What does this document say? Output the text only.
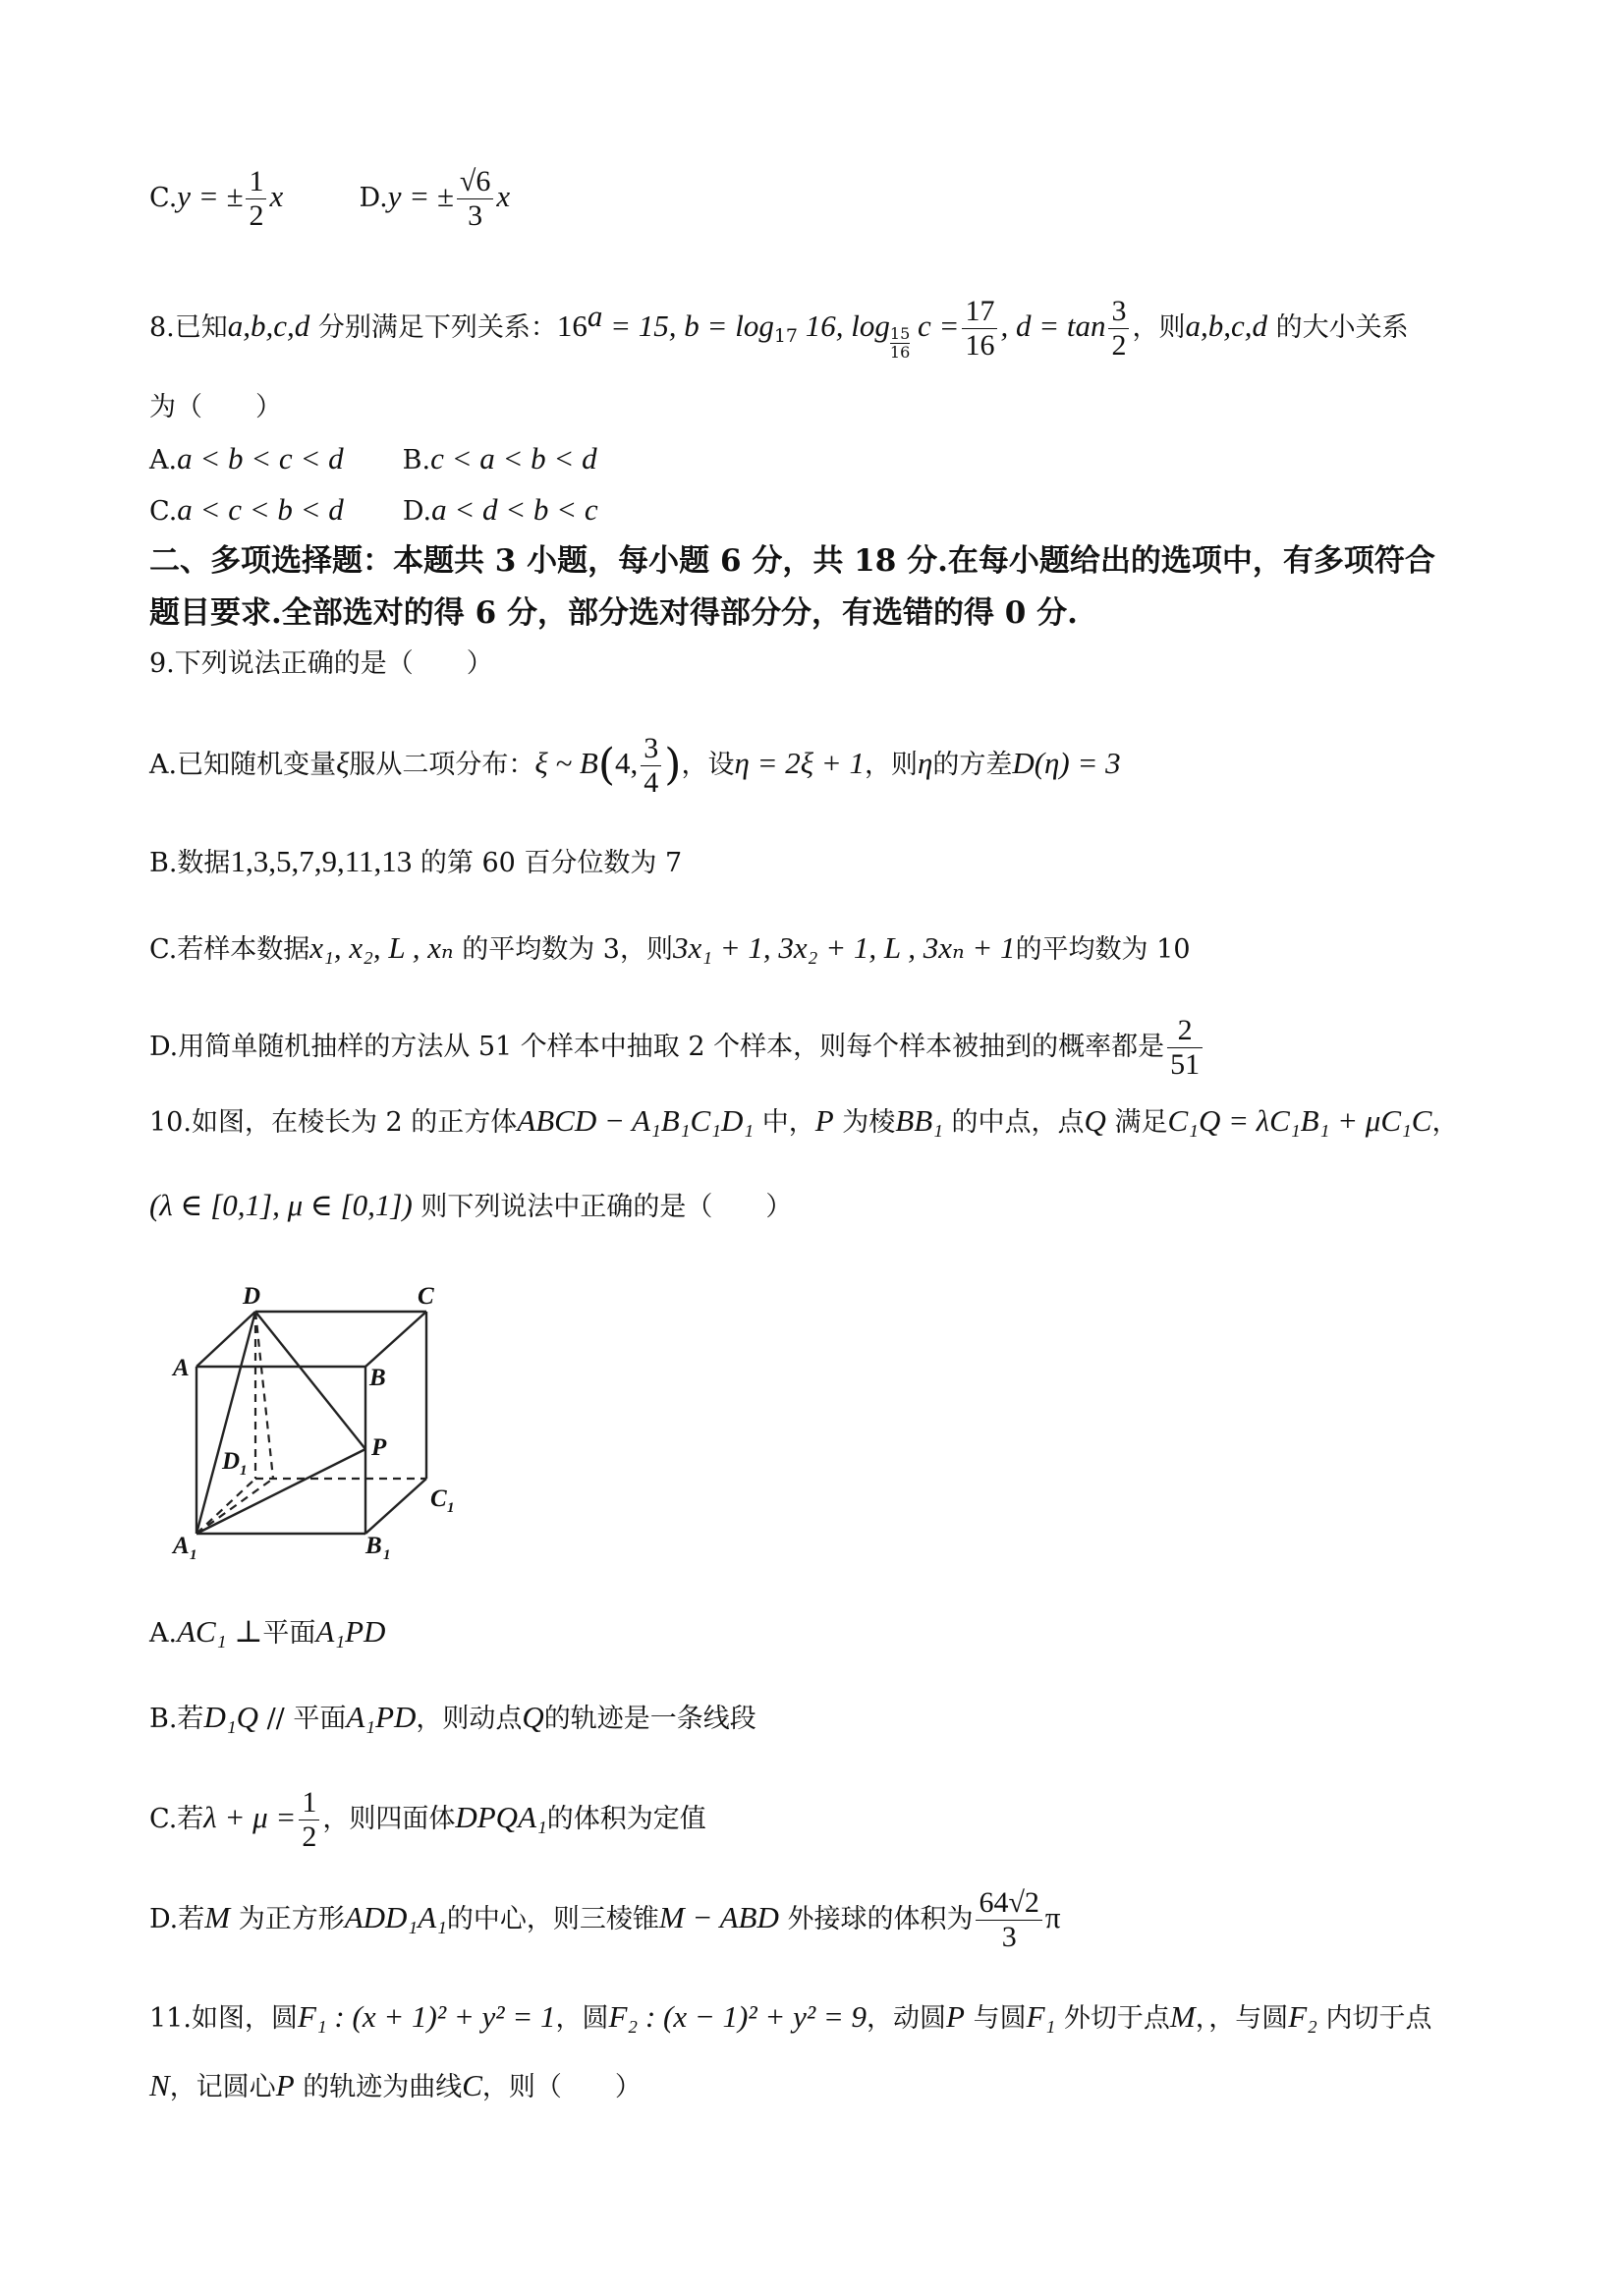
C.y = ± $\frac{1}{2}$ x	D.y = ± $\frac{√6}{3}$ x
8.已知a,b,c,d 分别满足下列关系：$16^a = 15$, $b = \log_{17} 16$, $\log \frac{15}{16}$ $c = \frac{17}{16}$ , $d = \tan \frac{3}{2}$ ，则a,b,c,d 的大小关系
为（　　）
A.a < b < c < d B.c < a < b < d
C.a < c < b < d D.a < d < b < c
二、多项选择题：本题共 3 小题，每小题 6 分，共 18 分.在每小题给出的选项中，有多项符合
题目要求.全部选对的得 6 分，部分选对得部分分，有选错的得 0 分.
9.下列说法正确的是（　　）
A.已知随机变量ξ服从二项分布：ξ ~ B(4, $\frac{3}{4}$ )，设η = 2ξ + 1，则η的方差D(η) = 3
B.数据1,3,5,7,9,11,13 的第 60 百分位数为 7
C.若样本数据x₁, x₂, L , xₙ 的平均数为 3，则3x₁ + 1, 3x₂ + 1, L , 3xₙ + 1的平均数为 10
D.用简单随机抽样的方法从 51 个样本中抽取 2 个样本，则每个样本被抽到的概率都是 $\frac{2}{51}$
10.如图，在棱长为 2 的正方体ABCD − A₁B₁C₁D₁ 中，P 为棱BB₁ 的中点，点Q 满足C₁Q = λC₁B₁ + μC₁C，
(λ ∈ [0,1], μ ∈ [0,1]) 则下列说法中正确的是（　　）
D	C
A	B
P
D 1
C 1
A 1	B 1
A.AC₁ ⊥平面A₁PD
B.若D₁Q // 平面A₁PD，则动点Q的轨迹是一条线段
C.若$\lambda + \mu = \frac{1}{2}$ ，则四面体DPQA₁的体积为定值
D.若M 为正方形ADD₁A₁的中心，则三棱锥M − ABD 外接球的体积为 $\frac{64√2}{3}$ π
11.如图，圆F₁ : (x + 1)² + y² = 1，圆F₂ : (x − 1)² + y² = 9，动圆P 与圆F₁ 外切于点M，，与圆F₂ 内切于点
N，记圆心P 的轨迹为曲线C，则（　　）
